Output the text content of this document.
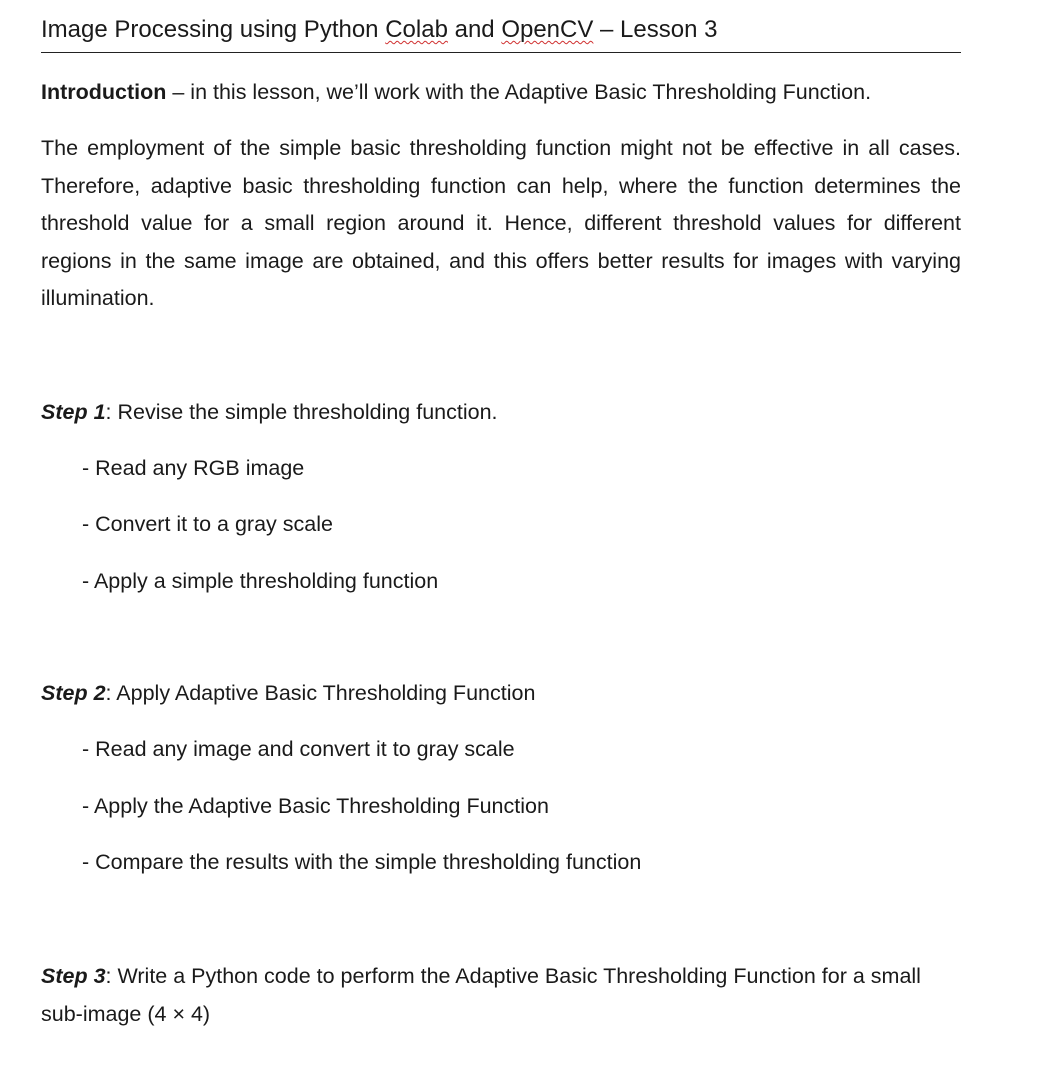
Image Processing using Python Colab and OpenCV – Lesson 3
Introduction – in this lesson, we’ll work with the Adaptive Basic Thresholding Function.

The employment of the simple basic thresholding function might not be effective in all cases. Therefore, adaptive basic thresholding function can help, where the function determines the threshold value for a small region around it. Hence, different threshold values for different regions in the same image are obtained, and this offers better results for images with varying illumination.

Step 1: Revise the simple thresholding function.
- Read any RGB image
- Convert it to a gray scale
- Apply a simple thresholding function
Step 2: Apply Adaptive Basic Thresholding Function
- Read any image and convert it to gray scale
- Apply the Adaptive Basic Thresholding Function
- Compare the results with the simple thresholding function
Step 3: Write a Python code to perform the Adaptive Basic Thresholding Function for a small sub-image (4 × 4)
